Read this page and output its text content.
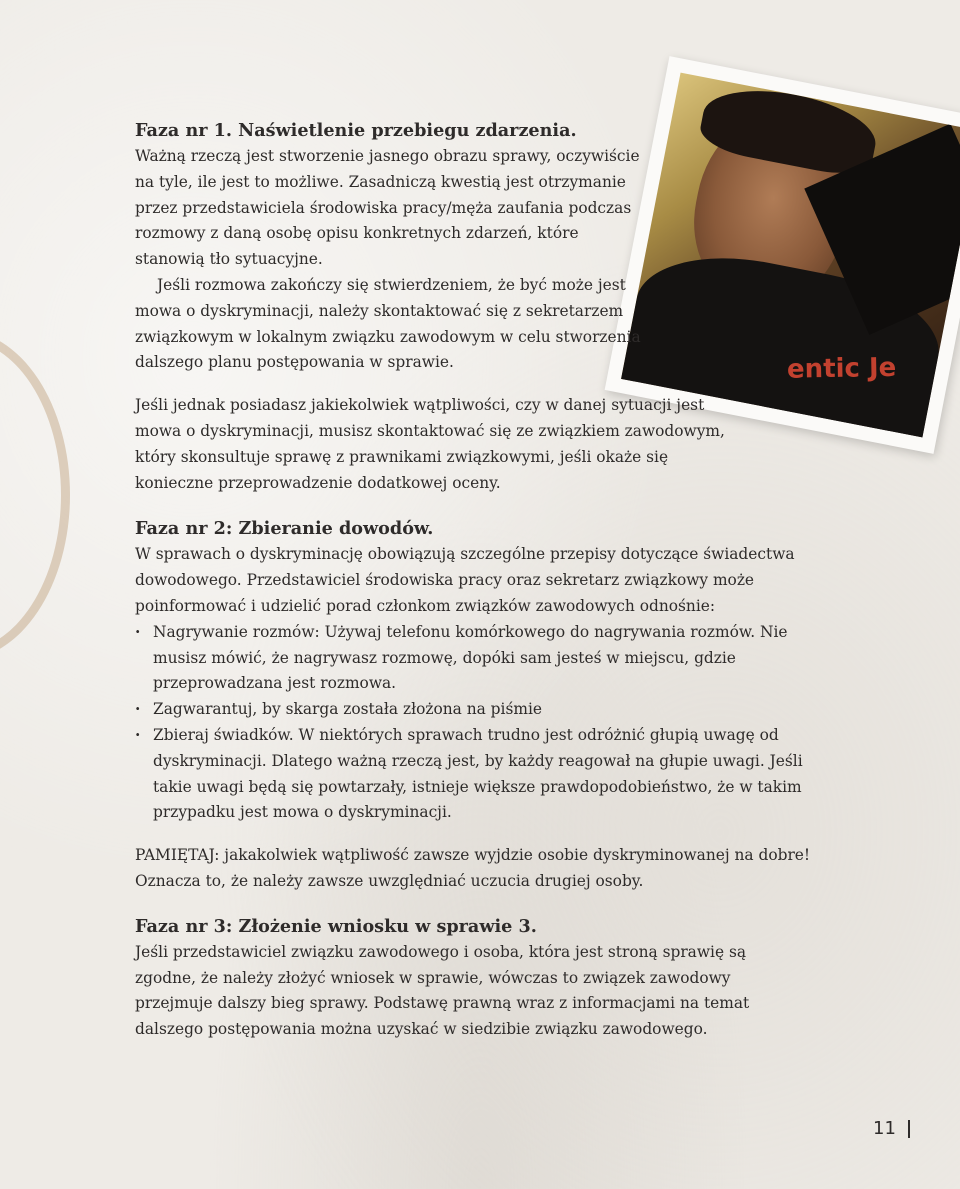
entic Je
Faza nr 1. Naświetlenie przebiegu zdarzenia.

Ważną rzeczą jest stworzenie jasnego obrazu sprawy, oczywiście na tyle, ile jest to możliwe. Zasadniczą kwestią jest otrzymanie przez przedstawiciela środowiska pracy/męża zaufania podczas rozmowy z daną osobę opisu konkretnych zdarzeń, które stanowią tło sytuacyjne.

Jeśli rozmowa zakończy się stwierdzeniem, że być może jest mowa o dyskryminacji, należy skontaktować się z sekretarzem związkowym w lokalnym związku zawodowym w celu stworzenia dalszego planu postępowania w sprawie.

Jeśli jednak posiadasz jakiekolwiek wątpliwości, czy w danej sytuacji jest mowa o dyskryminacji, musisz skontaktować się ze związkiem zawodowym, który skonsultuje sprawę z prawnikami związkowymi, jeśli okaże się konieczne przeprowadzenie dodatkowej oceny.

Faza nr 2: Zbieranie dowodów.

W sprawach o dyskryminację obowiązują szczególne przepisy dotyczące świadectwa dowodowego. Przedstawiciel środowiska pracy oraz sekretarz związkowy może poinformować i udzielić porad członkom związków zawodowych odnośnie:

· Nagrywanie rozmów: Używaj telefonu komórkowego do nagrywania rozmów. Nie musisz mówić, że nagrywasz rozmowę, dopóki sam jesteś w miejscu, gdzie przeprowadzana jest rozmowa.
· Zagwarantuj, by skarga została złożona na piśmie
· Zbieraj świadków. W niektórych sprawach trudno jest odróżnić głupią uwagę od dyskryminacji. Dlatego ważną rzeczą jest, by każdy reagował na głupie uwagi. Jeśli takie uwagi będą się powtarzały, istnieje większe prawdopodobieństwo, że w takim przypadku jest mowa o dyskryminacji.

PAMIĘTAJ: jakakolwiek wątpliwość zawsze wyjdzie osobie dyskryminowanej na dobre! Oznacza to, że należy zawsze uwzględniać uczucia drugiej osoby.

Faza nr 3: Złożenie wniosku w sprawie 3.

Jeśli przedstawiciel związku zawodowego i osoba, która jest stroną sprawię są zgodne, że należy złożyć wniosek w sprawie, wówczas to związek zawodowy przejmuje dalszy bieg sprawy. Podstawę prawną wraz z informacjami na temat dalszego postępowania można uzyskać w siedzibie związku zawodowego.

11
